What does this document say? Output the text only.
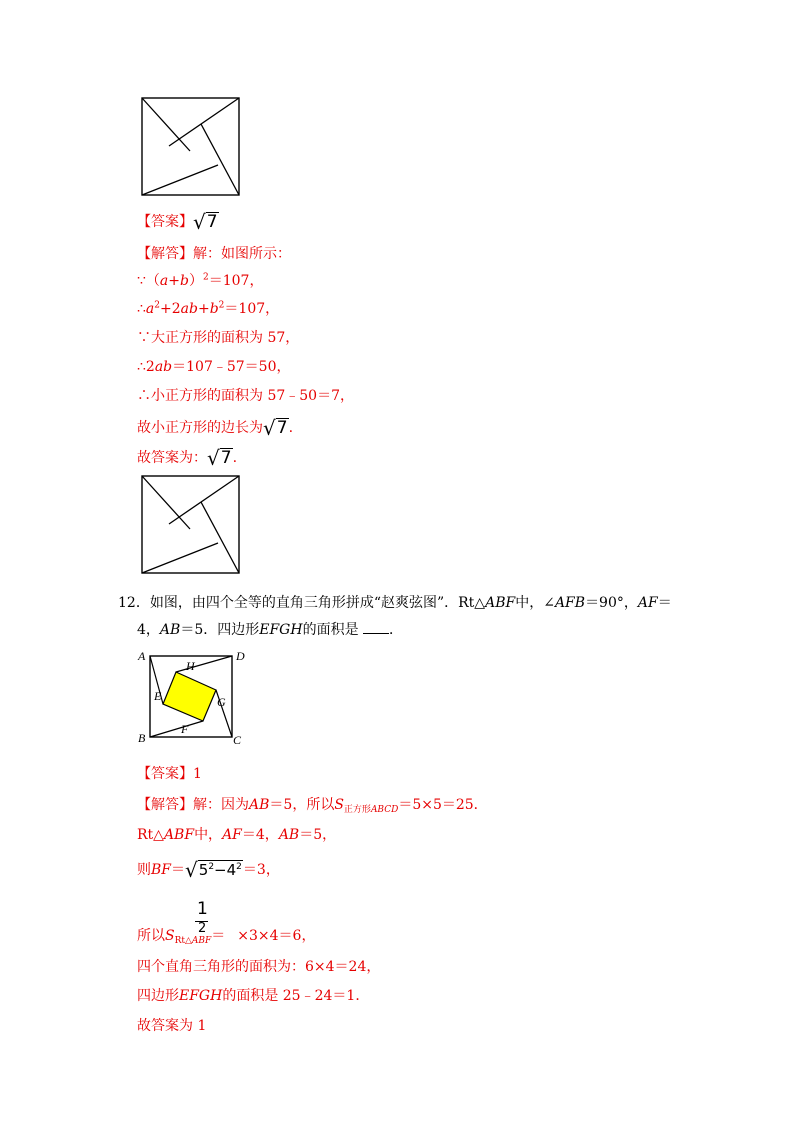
【答案】 √ 7
【解答】解：如图所示：
$\because(a+b)^2=107$，
$\therefore a^2+2ab+b^2=107$，
∵大正方形的面积为 57，
∴2ab＝107﹣57＝50，
∴小正方形的面积为 57﹣50＝7，
故小正方形的边长为 √ 7 .
故答案为： √ 7 .
12．如图，由四个全等的直角三角形拼成“赵爽弦图”．Rt△ABF中，∠AFB＝90°，AF＝
4，AB＝5．四边形EFGH的面积是 ．
A	D
B	C
H
E	G
F
【答案】1
【解答】解：因为AB＝5，所以$S_{正方形ABCD}=5\times 5=25$．
Rt△ABF中，AF＝4，AB＝5，
则BF＝ √ $5^2-4^2 =3$，
1
2
所以$S_{Rt\triangle ABF}= \times 3\times 4=6$，
四个直角三角形的面积为：6×4＝24，
四边形EFGH的面积是 25﹣24＝1．
故答案为 1
